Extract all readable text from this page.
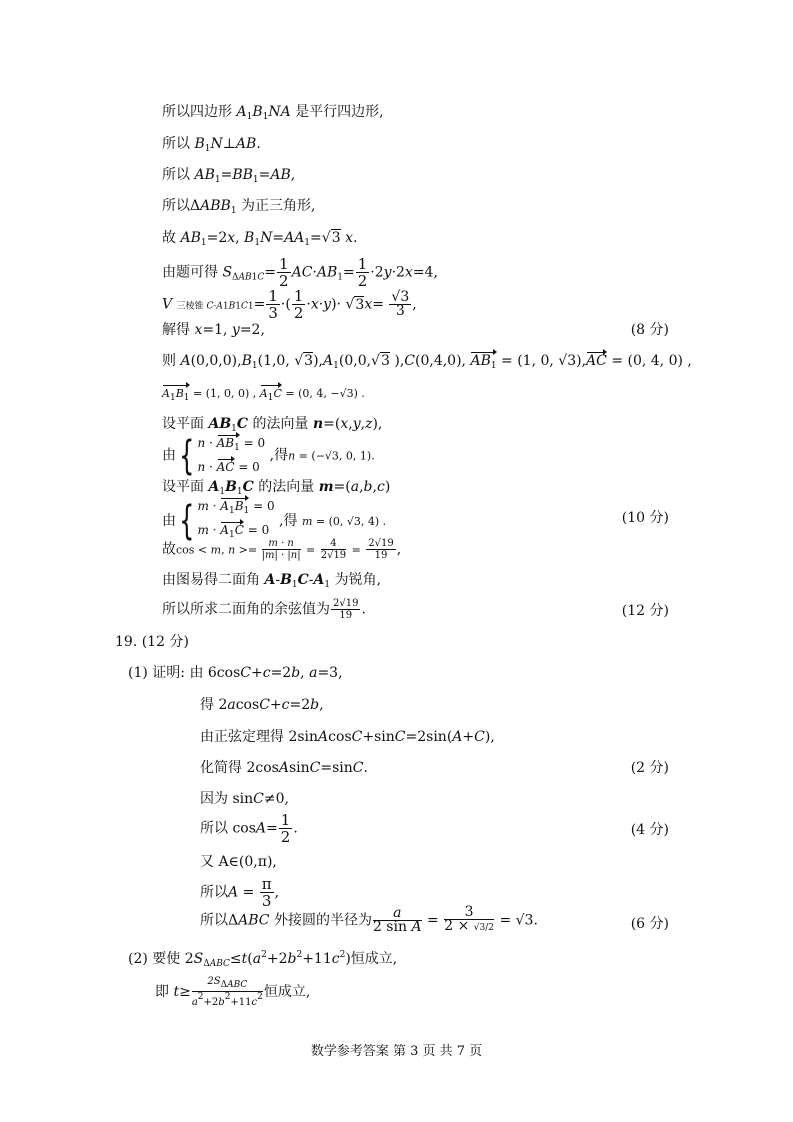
所以四边形 $A_1B_1NA$ 是平行四边形,
所以 $B_1N\perp AB$.
所以 $AB_1=BB_1=AB$,
所以$\Delta ABB_1$ 为正三角形,
故 $AB_1=2x$, $B_1N=AA_1=√3$ x.
由题可得 $S_{\Delta AB1C}= \frac{1}{2} AC\cdot AB_1= \frac{1}{2} \cdot 2y\cdot 2x=4$,
V 三棱锥 $C-A1B1C1= \frac{1}{3}$ ·( $\frac{1}{2} \cdot x\cdot y)\cdot √3x= \frac{√3}{3}$ ,
解得 x=1, y=2,	(8 分)
则 $A(0,0,0),B_1(1,0$, $√3),A_1(0,0,√3$ ),C(0,4,0), $AB_1 = (1$, 0, √3),AC = (0, 4, 0) ,
$A_1B_1 = (1$, 0, 0) , $A_1C = (0$, 4, −√3) .
设平面 $AB_1C$ 的法向量 n=(x,y,z),
由 { $n \cdot AB_1 = 0$
n · AC = 0
,得n = (−√3, 0, 1).
设平面 $A_1B_1C$ 的法向量 m=(a,b,c)
由 { $m \cdot A_1B_1 = 0$
$m \cdot A_1C = 0$
,得 m = (0, √3, 4) .	(10 分)
故cos < m, $n >= \frac{m \cdot n}{|m| \cdot |n|} = \frac{4}{2√19} = \frac{2√19}{19}$ ,
由图易得二面角 $A-B_1C-A_1$ 为锐角,
所以所求二面角的余弦值为 $\frac{2√19}{19}$ .	(12 分)
19. (12 分)
(1) 证明: 由 6cosC+c=2b, a=3,
得 2acosC+c=2b,
由正弦定理得 2sinAcosC+sinC=2sin(A+C),
化简得 2cosAsinC=sinC.	(2 分)
因为 sinC≠0,
所以 $\cos A= \frac{1}{2}$ .	(4 分)
又 A∈(0,π),
所以$A = \frac{\pi}{3}$ ,
所以ΔABC 外接圆的半径为 $\frac{a}{\text{2 sin A}} = \frac{3}{2 \times √3/2} = √3$.	(6 分)
(2) 要使 $2S_{\Delta ABC}\le t(a^2+2b^2+11c^2)$恒成立,
即 $t\ge \frac{2S_{\Delta ABC}}{a^2+2b^2+11c^2}$ 恒成立,
数学参考答案 第 3 页 共 7 页
